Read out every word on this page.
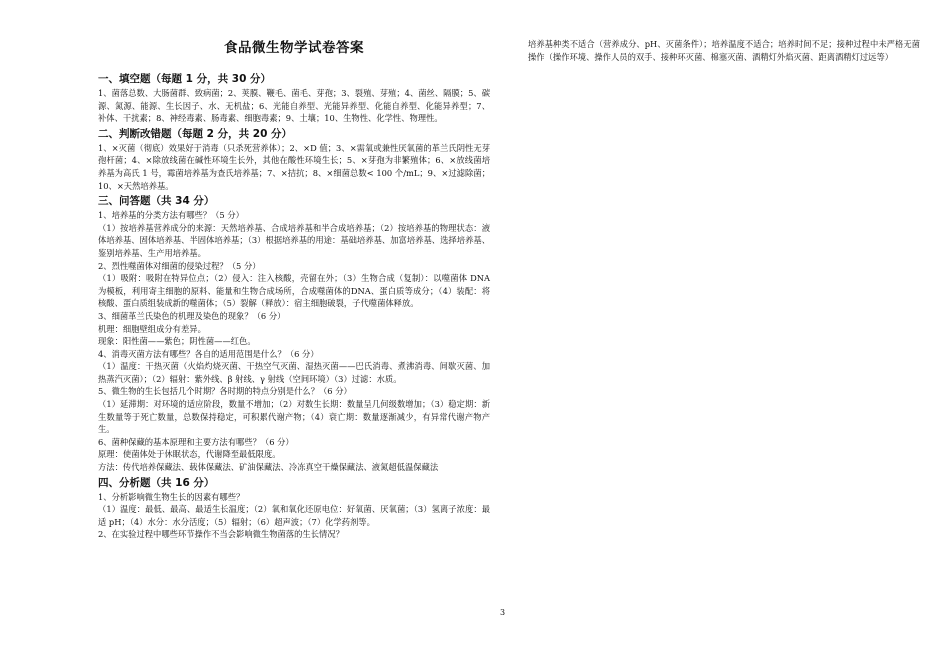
食品微生物学试卷答案
一、填空题（每题 1 分，共 30 分）
1、菌落总数、大肠菌群、致病菌；2、荚膜、鞭毛、菌毛、芽孢；3、裂殖、芽殖；4、菌丝、隔膜；5、碳源、氮源、能源、生长因子、水、无机盐；6、光能自养型、光能异养型、化能自养型、化能异养型；7、补体、干扰素；8、神经毒素、肠毒素、细胞毒素；9、土壤；10、生物性、化学性、物理性。
二、判断改错题（每题 2 分，共 20 分）
1、×灭菌（彻底）效果好于消毒（只杀死营养体）；2、×D 值；3、×需氧或兼性厌氧菌的革兰氏阴性无芽孢杆菌；4、×除放线菌在碱性环境生长外，其他在酸性环境生长；5、×芽孢为非繁殖体；6、×放线菌培养基为高氏 1 号，霉菌培养基为查氏培养基；7、×拮抗；8、×细菌总数< 100 个/mL；9、×过滤除菌；10、×天然培养基。
三、问答题（共 34 分）
1、培养基的分类方法有哪些？（5 分）
（1）按培养基营养成分的来源：天然培养基、合成培养基和半合成培养基；（2）按培养基的物理状态：液体培养基、固体培养基、半固体培养基；（3）根据培养基的用途：基础培养基、加富培养基、选择培养基、鉴别培养基、生产用培养基。
2、烈性噬菌体对细菌的侵染过程？（5 分）
（1）吸附：吸附在特异位点；（2）侵入：注入核酸，壳留在外；（3）生物合成（复制）：以噬菌体 DNA 为模板，利用寄主细胞的原料、能量和生物合成场所，合成噬菌体的DNA、蛋白质等成分；（4）装配：将核酸、蛋白质组装成新的噬菌体；（5）裂解（释放）：宿主细胞破裂，子代噬菌体释放。
3、细菌革兰氏染色的机理及染色的现象？（6 分）
机理：细胞壁组成分有差异。
现象：阳性菌——紫色；阴性菌——红色。
4、消毒灭菌方法有哪些？各自的适用范围是什么？（6 分）
（1）温度：干热灭菌（火焰灼烧灭菌、干热空气灭菌、湿热灭菌——巴氏消毒、煮沸消毒、间歇灭菌、加热蒸汽灭菌）；（2）辐射：紫外线、β 射线、γ 射线（空间环境）（3）过滤：水质。
5、微生物的生长包括几个时期？各时期的特点分别是什么？（6 分）
（1）延滞期：对环境的适应阶段，数量不增加；（2）对数生长期：数量呈几何级数增加；（3）稳定期：新生数量等于死亡数量，总数保持稳定，可积累代谢产物；（4）衰亡期：数量逐渐减少，有异常代谢产物产生。
6、菌种保藏的基本原理和主要方法有哪些？（6 分）
原理：使菌体处于休眠状态，代谢降至最低限度。
方法：传代培养保藏法、载体保藏法、矿油保藏法、冷冻真空干燥保藏法、液氮超低温保藏法
四、分析题（共 16 分）
1、分析影响微生物生长的因素有哪些？
（1）温度：最低、最高、最适生长温度；（2）氧和氧化还原电位：好氧菌、厌氧菌；（3）氢离子浓度：最适 pH；（4）水分：水分活度；（5）辐射；（6）超声波；（7）化学药剂等。
2、在实验过程中哪些环节操作不当会影响微生物菌落的生长情况？
培养基种类不适合（营养成分、pH、灭菌条件）；培养温度不适合；培养时间不足；接种过程中未严格无菌操作（操作环境、操作人员的双手、接种环灭菌、棉塞灭菌、酒精灯外焰灭菌、距离酒精灯过远等）
3
